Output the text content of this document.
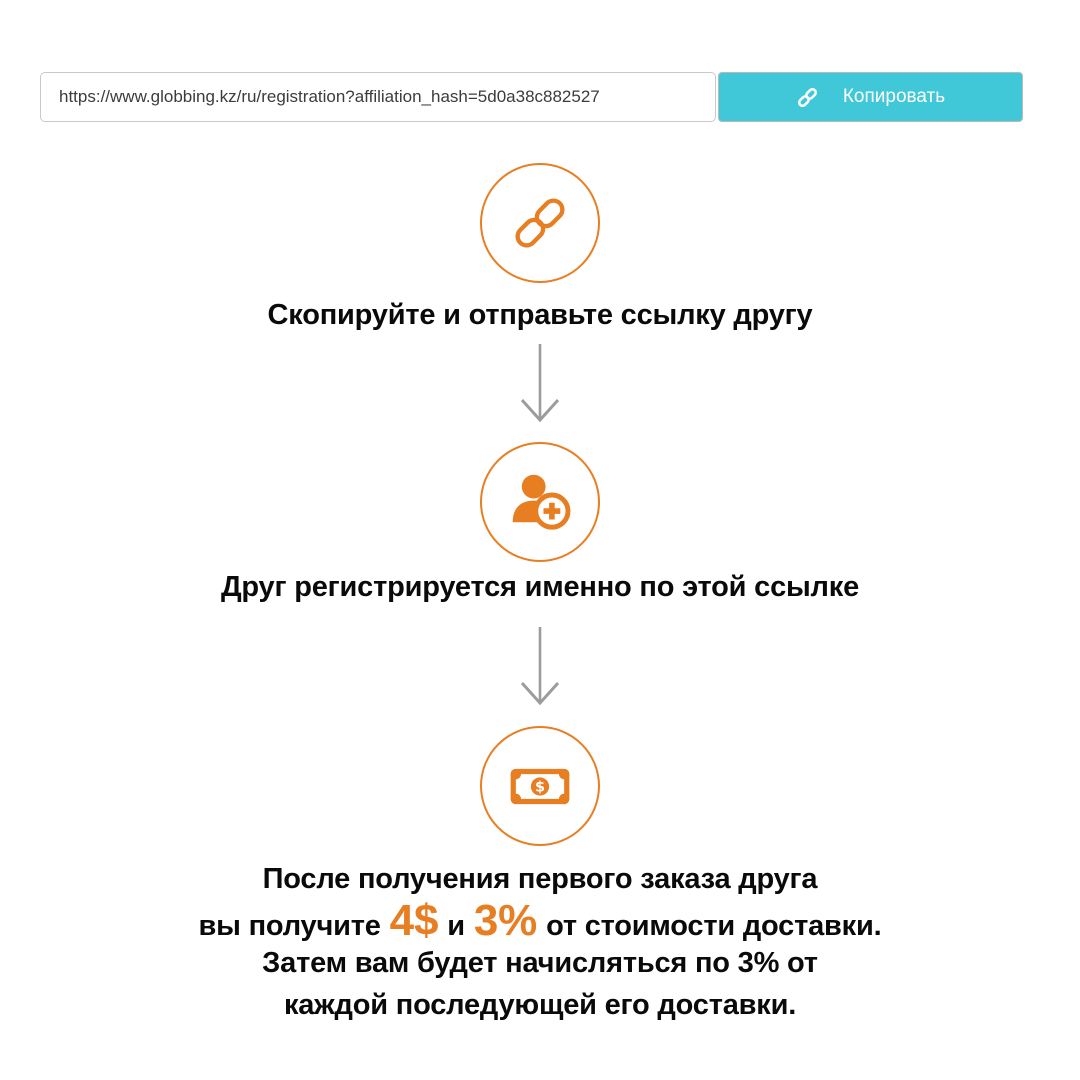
https://www.globbing.kz/ru/registration?affiliation_hash=5d0a38c882527
Копировать
Скопируйте и отправьте ссылку другу
Друг регистрируется именно по этой ссылке
$
После получения первого заказа друга
вы получите 4$ и 3% от стоимости доставки.
Затем вам будет начисляться по 3% от
каждой последующей его доставки.
